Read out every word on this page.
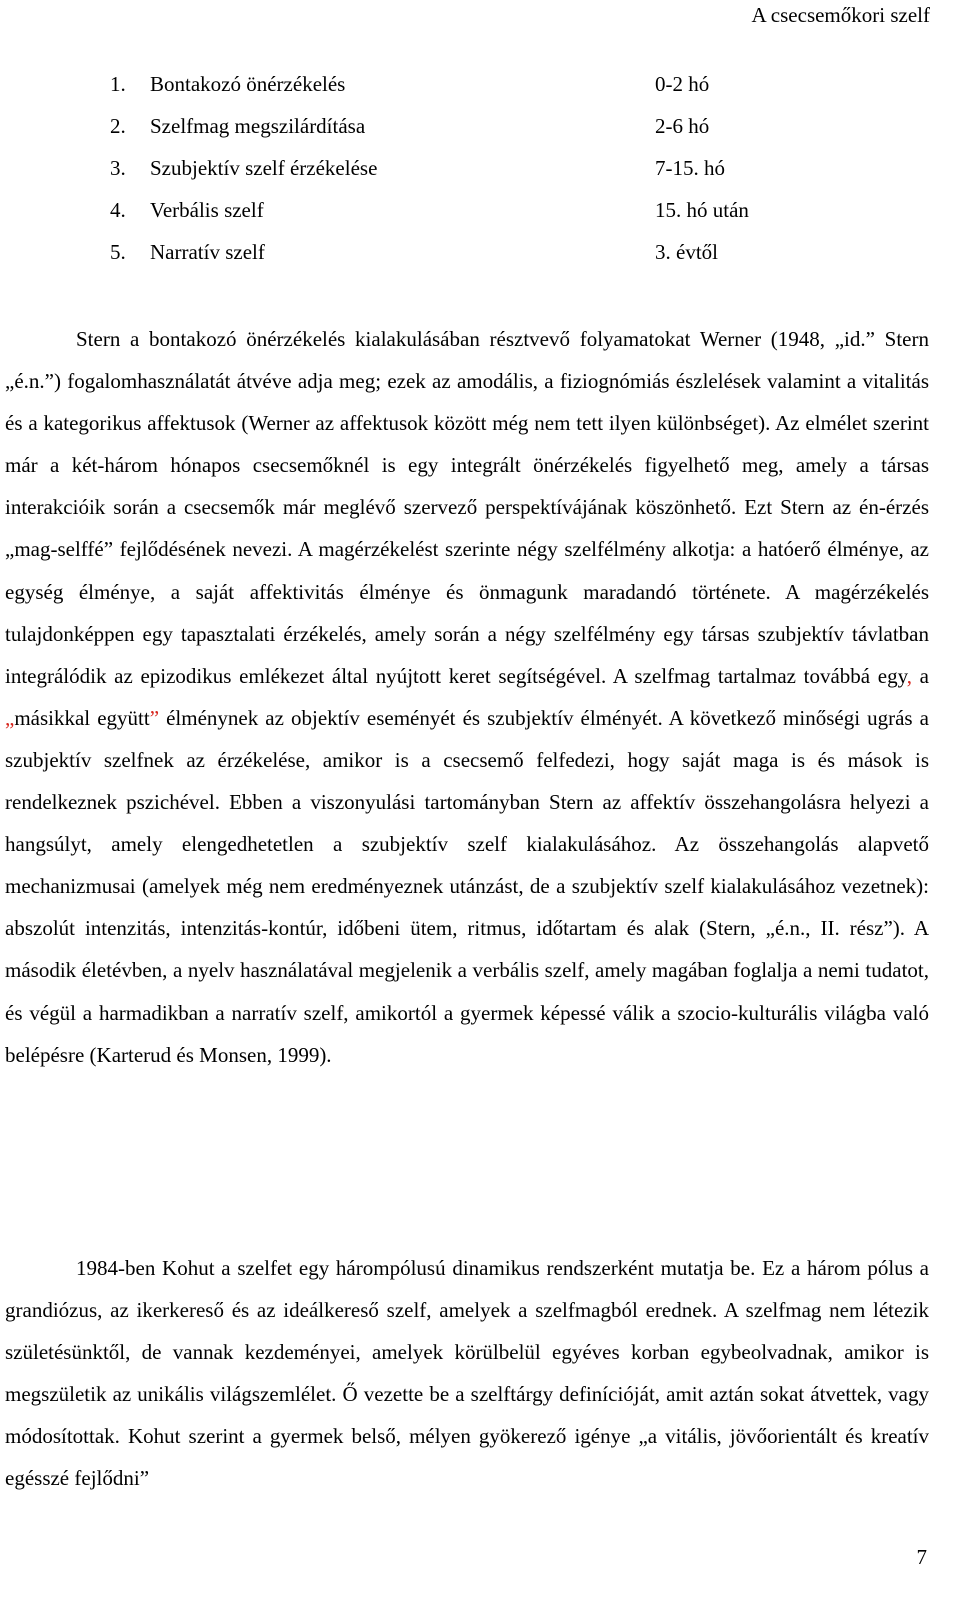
A csecsemőkori szelf
1.	Bontakozó önérzékelés	0-2 hó
2.	Szelfmag megszilárdítása	2-6 hó
3.	Szubjektív szelf érzékelése	7-15. hó
4.	Verbális szelf	15. hó után
5.	Narratív szelf	3. évtől

Stern a bontakozó önérzékelés kialakulásában résztvevő folyamatokat Werner (1948, „id.” Stern „é.n.”) fogalomhasználatát átvéve adja meg; ezek az amodális, a fiziognómiás észlelések valamint a vitalitás és a kategorikus affektusok (Werner az affektusok között még nem tett ilyen különbséget). Az elmélet szerint már a két-három hónapos csecsemőknél is egy integrált önérzékelés figyelhető meg, amely a társas interakcióik során a csecsemők már meglévő szervező perspektívájának köszönhető. Ezt Stern az én-érzés „mag-selffé” fejlődésének nevezi. A magérzékelést szerinte négy szelfélmény alkotja: a hatóerő élménye, az egység élménye, a saját affektivitás élménye és önmagunk maradandó története. A magérzékelés tulajdonképpen egy tapasztalati érzékelés, amely során a négy szelfélmény egy társas szubjektív távlatban integrálódik az epizodikus emlékezet által nyújtott keret segítségével. A szelfmag tartalmaz továbbá egy, a „másikkal együtt” élménynek az objektív eseményét és szubjektív élményét. A következő minőségi ugrás a szubjektív szelfnek az érzékelése, amikor is a csecsemő felfedezi, hogy saját maga is és mások is rendelkeznek pszichével. Ebben a viszonyulási tartományban Stern az affektív összehangolásra helyezi a hangsúlyt, amely elengedhetetlen a szubjektív szelf kialakulásához. Az összehangolás alapvető mechanizmusai (amelyek még nem eredményeznek utánzást, de a szubjektív szelf kialakulásához vezetnek): abszolút intenzitás, intenzitás-kontúr, időbeni ütem, ritmus, időtartam és alak (Stern, „é.n., II. rész”). A második életévben, a nyelv használatával megjelenik a verbális szelf, amely magában foglalja a nemi tudatot, és végül a harmadikban a narratív szelf, amikortól a gyermek képessé válik a szocio-kulturális világba való belépésre (Karterud és Monsen, 1999).

1984-ben Kohut a szelfet egy hárompólusú dinamikus rendszerként mutatja be. Ez a három pólus a grandiózus, az ikerkereső és az ideálkereső szelf, amelyek a szelfmagból erednek. A szelfmag nem létezik születésünktől, de vannak kezdeményei, amelyek körülbelül egyéves korban egybeolvadnak, amikor is megszületik az unikális világszemlélet. Ő vezette be a szelftárgy definícióját, amit aztán sokat átvettek, vagy módosítottak. Kohut szerint a gyermek belső, mélyen gyökerező igénye „a vitális, jövőorientált és kreatív egésszé fejlődni”

7
